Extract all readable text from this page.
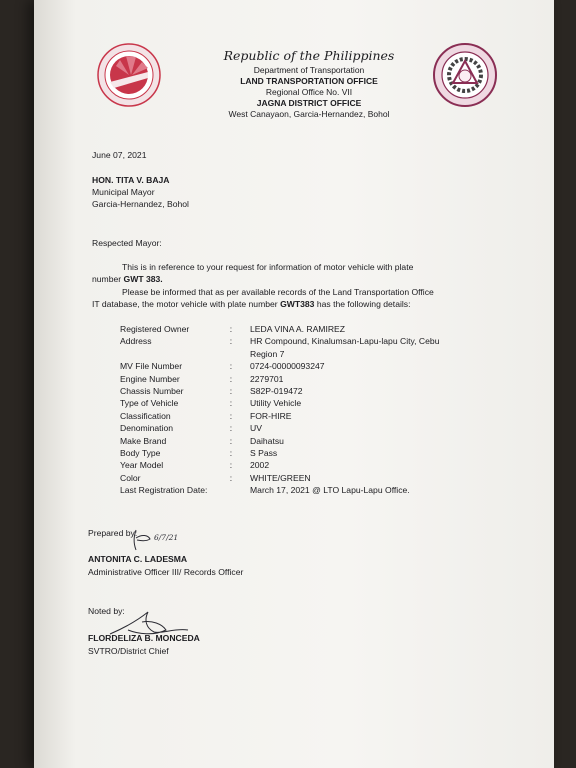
Republic of the Philippines
Department of Transportation
LAND TRANSPORTATION OFFICE
Regional Office No. VII
JAGNA DISTRICT OFFICE
West Canayaon, Garcia-Hernandez, Bohol
June 07, 2021
HON. TITA V. BAJA
Municipal Mayor
Garcia-Hernandez, Bohol
Respected Mayor:
This is in reference to your request for information of motor vehicle with plate
number GWT 383.
Please be informed that as per available records of the Land Transportation Office
IT database, the motor vehicle with plate number GWT383 has the following details:
Registered Owner	:	LEDA VINA A. RAMIREZ
Address	:	HR Compound, Kinalumsan-Lapu-lapu City, Cebu
Region 7
MV File Number	:	0724-00000093247
Engine Number	:	2279701
Chassis Number	:	S82P-019472
Type of Vehicle	:	Utility Vehicle
Classification	:	FOR-HIRE
Denomination	:	UV
Make Brand	:	Daihatsu
Body Type	:	S Pass
Year Model	:	2002
Color	:	WHITE/GREEN
Last Registration Date:	March 17, 2021 @ LTO Lapu-Lapu Office.
Prepared by: 6/7/21
ANTONITA C. LADESMA
Administrative Officer III/ Records Officer
Noted by:
FLORDELIZA B. MONCEDA
SVTRO/District Chief
